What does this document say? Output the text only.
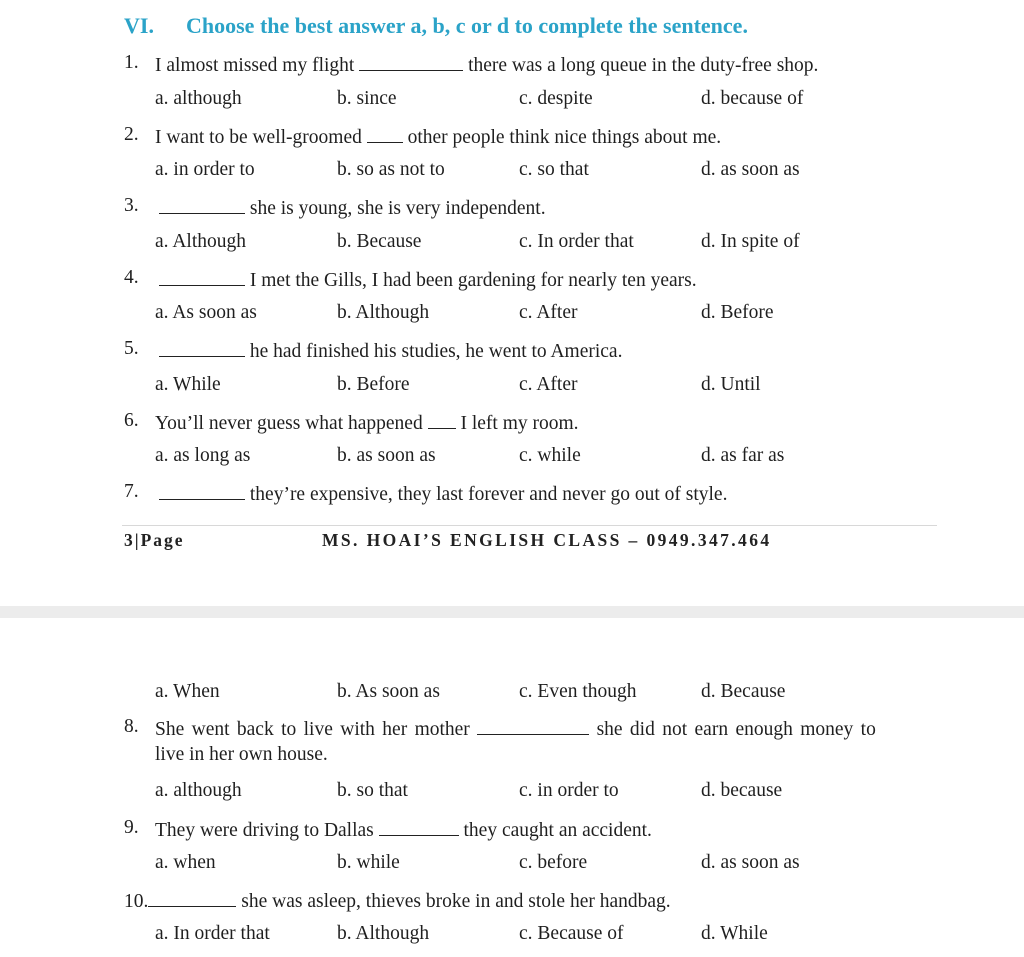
VI. Choose the best answer a, b, c or d to complete the sentence.
1. I almost missed my flight	there was a long queue in the duty-free shop.
a. although	b. since	c. despite	d. because of
2. I want to be well-groomed other people think nice things about me.
a. in order to	b. so as not to	c. so that	d. as soon as
3.	she is young, she is very independent.
a. Although	b. Because	c. In order that	d. In spite of
4.	I met the Gills, I had been gardening for nearly ten years.
a. As soon as	b. Although	c. After	d. Before
5.	he had finished his studies, he went to America.
a. While	b. Before	c. After	d. Until
6. You’ll never guess what happened I left my room.
a. as long as	b. as soon as	c. while	d. as far as
7.	they’re expensive, they last forever and never go out of style.
3|Page	MS. HOAI’S ENGLISH CLASS – 0949.347.464
a. When	b. As soon as	c. Even though	d. Because
8. She went back to live with her mother	she did not earn enough money to
live in her own house.
a. although	b. so that	c. in order to	d. because
9. They were driving to Dallas	they caught an accident.
a. when	b. while	c. before	d. as soon as
10.	she was asleep, thieves broke in and stole her handbag.
a. In order that	b. Although	c. Because of	d. While
